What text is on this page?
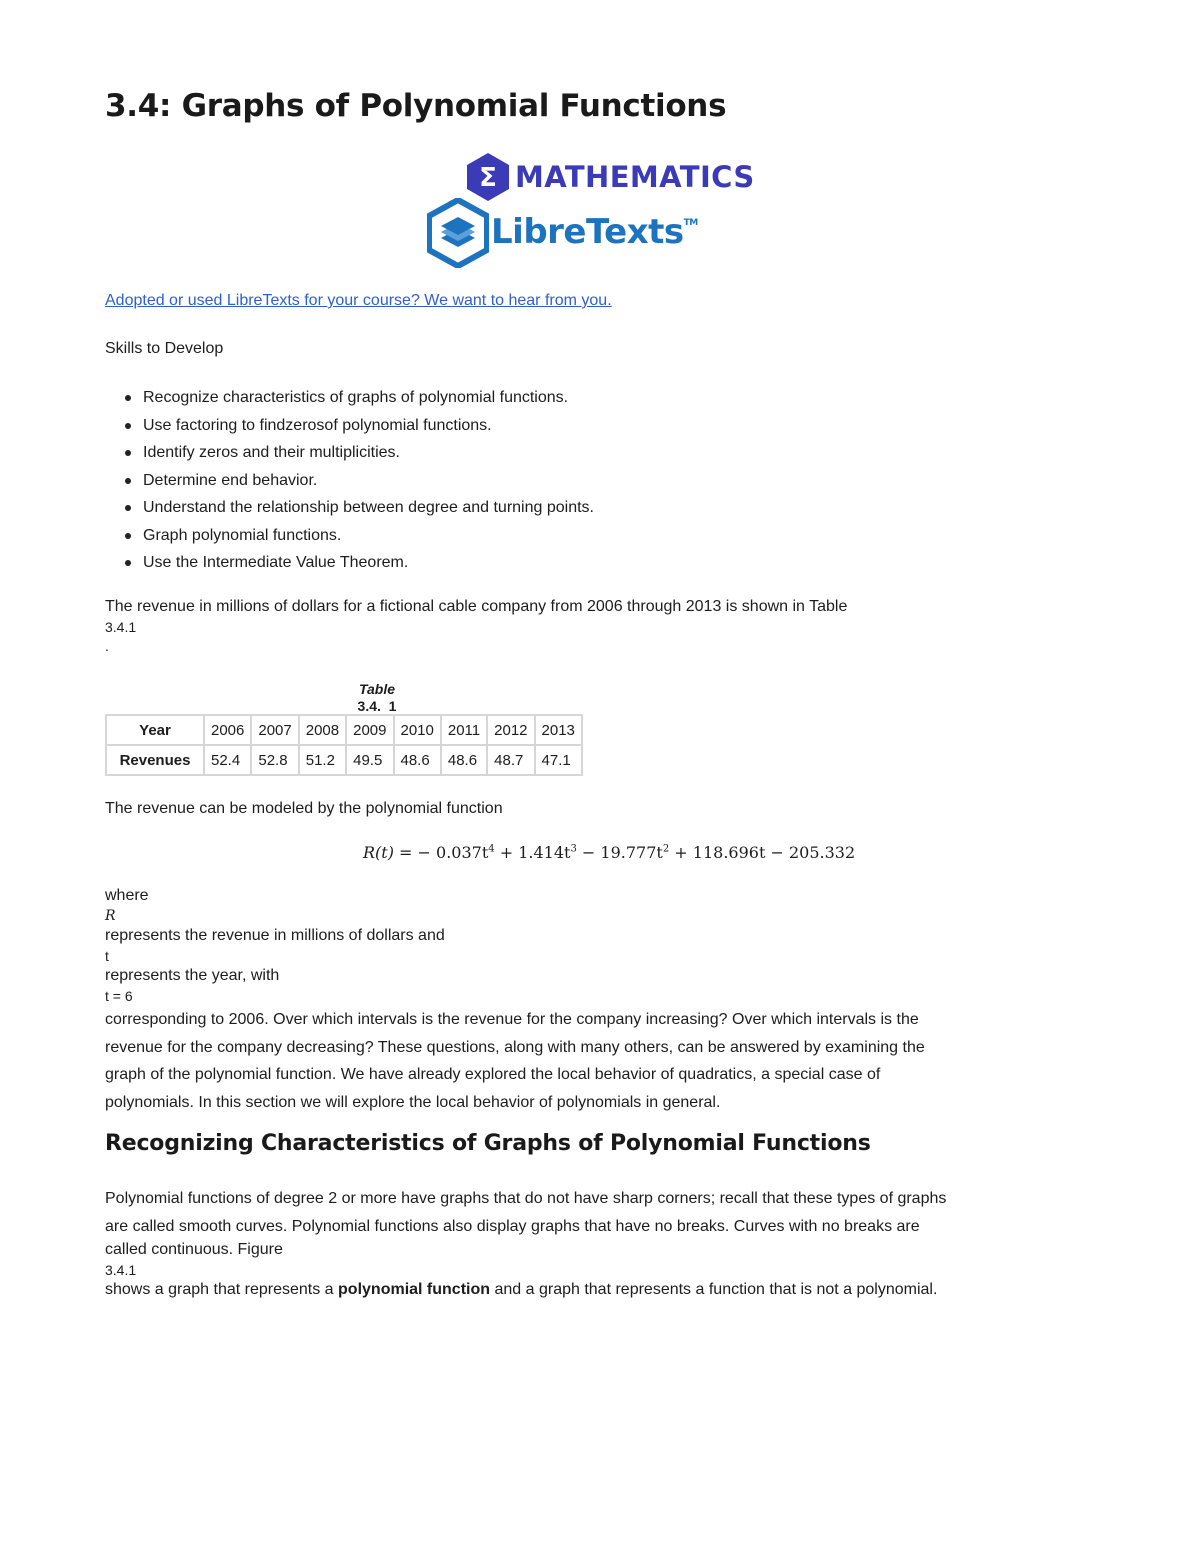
3.4: Graphs of Polynomial Functions
Σ MATHEMATICS
LibreTexts™
Adopted or used LibreTexts for your course? We want to hear from you.
Skills to Develop
Recognize characteristics of graphs of polynomial functions.
Use factoring to findzerosof polynomial functions.
Identify zeros and their multiplicities.
Determine end behavior.
Understand the relationship between degree and turning points.
Graph polynomial functions.
Use the Intermediate Value Theorem.
The revenue in millions of dollars for a fictional cable company from 2006 through 2013 is shown in Table
3.4.1
.
Table
3.4.  1
Year	2006	2007	2008	2009	2010	2011	2012	2013
Revenues	52.4	52.8	51.2	49.5	48.6	48.6	48.7	47.1
The revenue can be modeled by the polynomial function
R(t) = − $0.037t^4 + 1.414t^3 - 19.777t^2 + 118.696t - 205.332$
where
R
represents the revenue in millions of dollars and
t
represents the year, with
t = 6
corresponding to 2006. Over which intervals is the revenue for the company increasing? Over which intervals is the
revenue for the company decreasing? These questions, along with many others, can be answered by examining the
graph of the polynomial function. We have already explored the local behavior of quadratics, a special case of
polynomials. In this section we will explore the local behavior of polynomials in general.
Recognizing Characteristics of Graphs of Polynomial Functions
Polynomial functions of degree 2 or more have graphs that do not have sharp corners; recall that these types of graphs
are called smooth curves. Polynomial functions also display graphs that have no breaks. Curves with no breaks are
called continuous. Figure
3.4.1
shows a graph that represents a polynomial function and a graph that represents a function that is not a polynomial.
